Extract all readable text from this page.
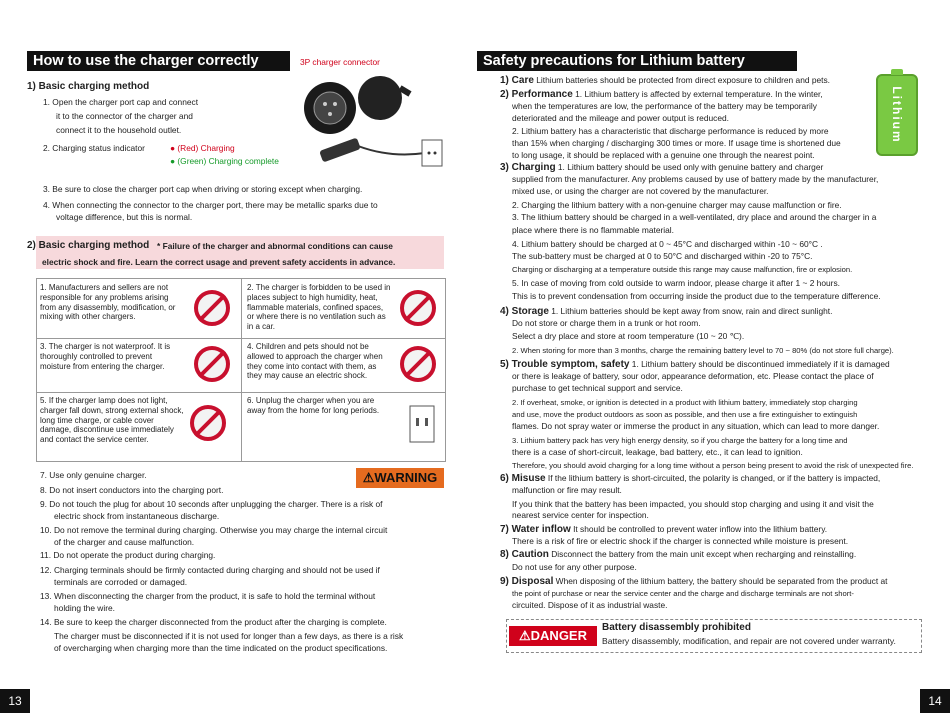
How to use the charger correctly	3P charger connector
1) Basic charging method
1. Open the charger port cap and connect
it to the connector of the charger and
connect it to the household outlet.
2. Charging status indicator	● (Red) Charging
● (Green) Charging complete
3. Be sure to close the charger port cap when driving or storing except when charging.
4. When connecting the connector to the charger port, there may be metallic sparks due to
voltage difference, but this is normal.
2) Basic charging method * Failure of the charger and abnormal conditions can cause
electric shock and fire. Learn the correct usage and prevent safety accidents in advance.
1. Manufacturers and sellers are not responsible for any problems arising from any disassembly, modification, or mixing with other chargers.
2. The charger is forbidden to be used in places subject to high humidity, heat, flammable materials, confined spaces, or where there is no ventilation such as in a car.
3. The charger is not waterproof. It is thoroughly controlled to prevent moisture from entering the charger.
4. Children and pets should not be allowed to approach the charger when they come into contact with them, as they may cause an electric shock.
5. If the charger lamp does not light, charger fall down, strong external shock, long time charge, or cable cover damage, discontinue use immediately and contact the service center.
6. Unplug the charger when you are away from the home for long periods.
⚠WARNING
7. Use only genuine charger.
8. Do not insert conductors into the charging port.
9. Do not touch the plug for about 10 seconds after unplugging the charger. There is a risk of
electric shock from instantaneous discharge.
10. Do not remove the terminal during charging. Otherwise you may charge the internal circuit
of the charger and cause malfunction.
11. Do not operate the product during charging.
12. Charging terminals should be firmly contacted during charging and should not be used if
terminals are corroded or damaged.
13. When disconnecting the charger from the product, it is safe to hold the terminal without
holding the wire.
14. Be sure to keep the charger disconnected from the product after the charging is complete.
The charger must be disconnected if it is not used for longer than a few days, as there is a risk
of overcharging when charging more than the time indicated on the product specifications.
13
Safety precautions for Lithium battery
Lithium
1) Care Lithium batteries should be protected from direct exposure to children and pets.
2) Performance 1. Lithium battery is affected by external temperature. In the winter,
when the temperatures are low, the performance of the battery may be temporarily
deteriorated and the mileage and power output is reduced.
2. Lithium battery has a characteristic that discharge performance is reduced by more
than 15% when charging / discharging 300 times or more. If usage time is shortened due
to long usage, it should be replaced with a genuine one through the nearest point.
3) Charging 1. Lithium battery should be used only with genuine battery and charger
supplied from the manufacturer. Any problems caused by use of battery made by the manufacturer,
mixed use, or using the charger are not covered by the manufacturer.
2. Charging the lithium battery with a non-genuine charger may cause malfunction or fire.
3. The lithium battery should be charged in a well-ventilated, dry place and around the charger in a
place where there is no flammable material.
4. Lithium battery should be charged at 0 ~ 45°C and discharged within -10 ~ 60°C .
The sub-battery must be charged at 0 to 50°C and discharged within -20 to 75°C.
Charging or discharging at a temperature outside this range may cause malfunction, fire or explosion.
5. In case of moving from cold outside to warm indoor, please charge it after 1 ~ 2 hours.
This is to prevent condensation from occurring inside the product due to the temperature difference.
4) Storage 1. Lithium batteries should be kept away from snow, rain and direct sunlight.
Do not store or charge them in a trunk or hot room.
Select a dry place and store at room temperature (10 ~ 20 ℃).
2. When storing for more than 3 months, charge the remaining battery level to 70 ~ 80% (do not store full charge).
5) Trouble symptom, safety 1. Lithium battery should be discontinued immediately if it is damaged
or there is leakage of battery, sour odor, appearance deformation, etc. Please contact the place of
purchase to get technical support and service.
2. If overheat, smoke, or ignition is detected in a product with lithium battery, immediately stop charging
and use, move the product outdoors as soon as possible, and then use a fire extinguisher to extinguish
flames. Do not spray water or immerse the product in any situation, which can lead to more danger.
3. Lithium battery pack has very high energy density, so if you charge the battery for a long time and
there is a case of short-circuit, leakage, bad battery, etc., it can lead to ignition.
Therefore, you should avoid charging for a long time without a person being present to avoid the risk of unexpected fire.
6) Misuse If the lithium battery is short-circuited, the polarity is changed, or if the battery is impacted,
malfunction or fire may result.
If you think that the battery has been impacted, you should stop charging and using it and visit the
nearest service center for inspection.
7) Water inflow It should be controlled to prevent water inflow into the lithium battery.
There is a risk of fire or electric shock if the charger is connected while moisture is present.
8) Caution Disconnect the battery from the main unit except when recharging and reinstalling.
Do not use for any other purpose.
9) Disposal When disposing of the lithium battery, the battery should be separated from the product at
the point of purchase or near the service center and the charge and discharge terminals are not short-
circuited. Dispose of it as industrial waste.
⚠DANGER
Battery disassembly prohibited
Battery disassembly, modification, and repair are not covered under warranty.
14
